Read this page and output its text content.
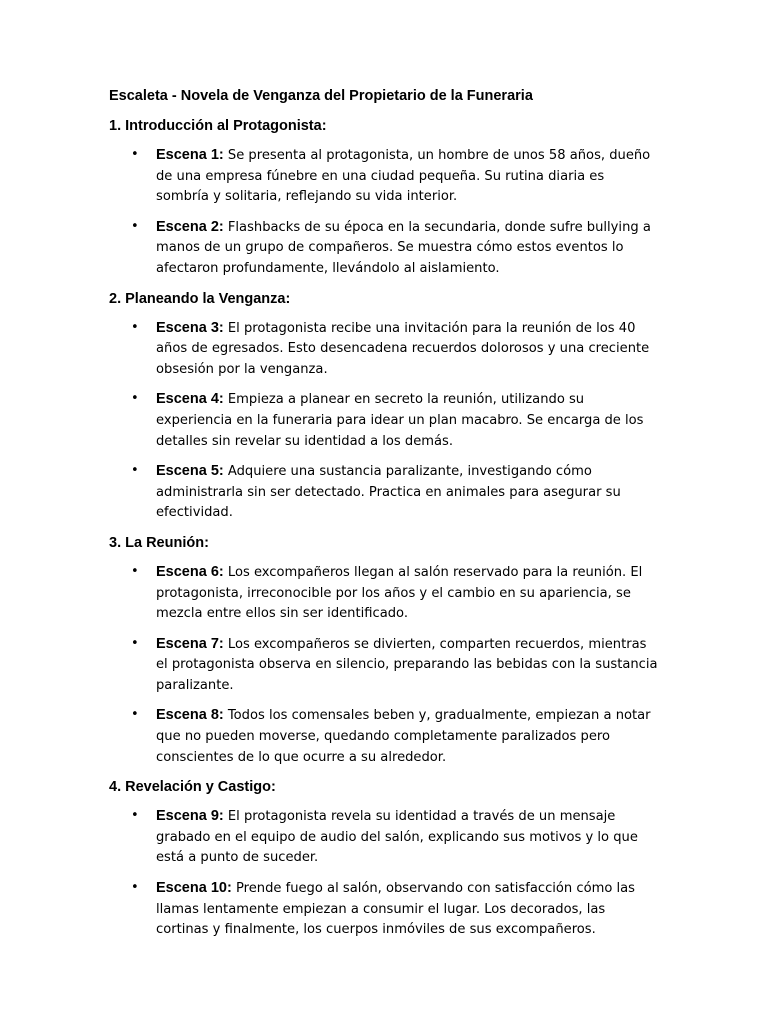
Escaleta - Novela de Venganza del Propietario de la Funeraria
1. Introducción al Protagonista:
• Escena 1: Se presenta al protagonista, un hombre de unos 58 años, dueño de una empresa fúnebre en una ciudad pequeña. Su rutina diaria es sombría y solitaria, reflejando su vida interior.
• Escena 2: Flashbacks de su época en la secundaria, donde sufre bullying a manos de un grupo de compañeros. Se muestra cómo estos eventos lo afectaron profundamente, llevándolo al aislamiento.
2. Planeando la Venganza:
• Escena 3: El protagonista recibe una invitación para la reunión de los 40 años de egresados. Esto desencadena recuerdos dolorosos y una creciente obsesión por la venganza.
• Escena 4: Empieza a planear en secreto la reunión, utilizando su experiencia en la funeraria para idear un plan macabro. Se encarga de los detalles sin revelar su identidad a los demás.
• Escena 5: Adquiere una sustancia paralizante, investigando cómo administrarla sin ser detectado. Practica en animales para asegurar su efectividad.
3. La Reunión:
• Escena 6: Los excompañeros llegan al salón reservado para la reunión. El protagonista, irreconocible por los años y el cambio en su apariencia, se mezcla entre ellos sin ser identificado.
• Escena 7: Los excompañeros se divierten, comparten recuerdos, mientras el protagonista observa en silencio, preparando las bebidas con la sustancia paralizante.
• Escena 8: Todos los comensales beben y, gradualmente, empiezan a notar que no pueden moverse, quedando completamente paralizados pero conscientes de lo que ocurre a su alrededor.
4. Revelación y Castigo:
• Escena 9: El protagonista revela su identidad a través de un mensaje grabado en el equipo de audio del salón, explicando sus motivos y lo que está a punto de suceder.
• Escena 10: Prende fuego al salón, observando con satisfacción cómo las llamas lentamente empiezan a consumir el lugar. Los decorados, las cortinas y finalmente, los cuerpos inmóviles de sus excompañeros.
